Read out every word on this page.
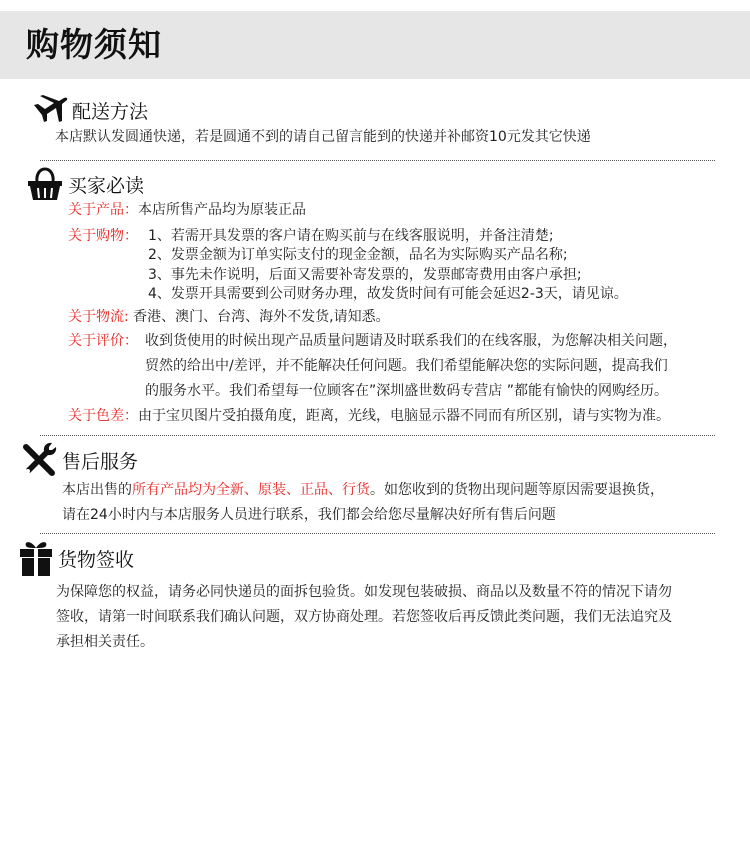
购物须知
配送方法
本店默认发圆通快递，若是圆通不到的请自己留言能到的快递并补邮资10元发其它快递
买家必读
关于产品：本店所售产品均为原装正品
关于购物： 1、若需开具发票的客户请在购买前与在线客服说明，并备注清楚;
2、发票金额为订单实际支付的现金金额，品名为实际购买产品名称;
3、事先未作说明，后面又需要补寄发票的，发票邮寄费用由客户承担;
4、发票开具需要到公司财务办理，故发货时间有可能会延迟2-3天，请见谅。
关于物流: 香港、澳门、台湾、海外不发货,请知悉。
关于评价： 收到货使用的时候出现产品质量问题请及时联系我们的在线客服，为您解决相关问题，
贸然的给出中/差评，并不能解决任何问题。我们希望能解决您的实际问题，提高我们
的服务水平。我们希望每一位顾客在”深圳盛世数码专营店 ”都能有愉快的网购经历。
关于色差：由于宝贝图片受拍摄角度，距离，光线，电脑显示器不同而有所区别，请与实物为准。
售后服务
本店出售的所有产品均为全新、原装、正品、行货。如您收到的货物出现问题等原因需要退换货，
请在24小时内与本店服务人员进行联系，我们都会给您尽量解决好所有售后问题
货物签收
为保障您的权益，请务必同快递员的面拆包验货。如发现包装破损、商品以及数量不符的情况下请勿
签收，请第一时间联系我们确认问题，双方协商处理。若您签收后再反馈此类问题，我们无法追究及
承担相关责任。
